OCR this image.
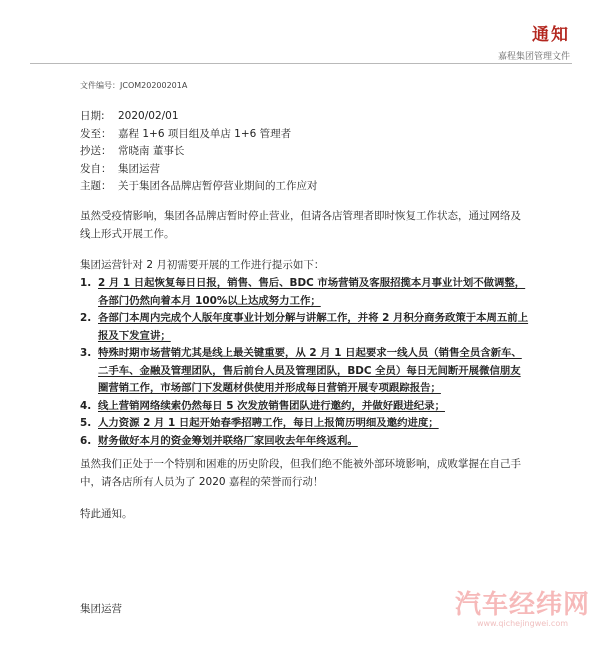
通知
嘉程集团管理文件
文件编号：JCOM20200201A
日期:	2020/02/01
发至： 嘉程 1+6 项目组及单店 1+6 管理者
抄送： 常晓南 董事长
发自： 集团运营
主题： 关于集团各品牌店暂停营业期间的工作应对
虽然受疫情影响，集团各品牌店暂时停止营业，但请各店管理者即时恢复工作状态，通过网络及线上形式开展工作。
集团运营针对 2 月初需要开展的工作进行提示如下：
1. 2 月 1 日起恢复每日日报，销售、售后、BDC 市场营销及客服招揽本月事业计划不做调整，各部门仍然向着本月 100%以上达成努力工作；
2. 各部门本周内完成个人版年度事业计划分解与讲解工作，并将 2 月积分商务政策于本周五前上报及下发宣讲；
3. 特殊时期市场营销尤其是线上最关键重要，从 2 月 1 日起要求一线人员（销售全员含新车、二手车、金融及管理团队，售后前台人员及管理团队，BDC 全员）每日无间断开展微信朋友圈营销工作，市场部门下发题材供使用并形成每日营销开展专项跟踪报告；
4. 线上营销网络续索仍然每日 5 次发放销售团队进行邀约，并做好跟进纪录；
5. 人力资源 2 月 1 日起开始春季招聘工作，每日上报简历明细及邀约进度；
6. 财务做好本月的资金筹划并联络厂家回收去年年终返利。
虽然我们正处于一个特别和困难的历史阶段，但我们绝不能被外部环境影响，成败掌握在自己手中，请各店所有人员为了 2020 嘉程的荣誉而行动！
特此通知。
集团运营	汽车经纬网
www.qichejingwei.com
